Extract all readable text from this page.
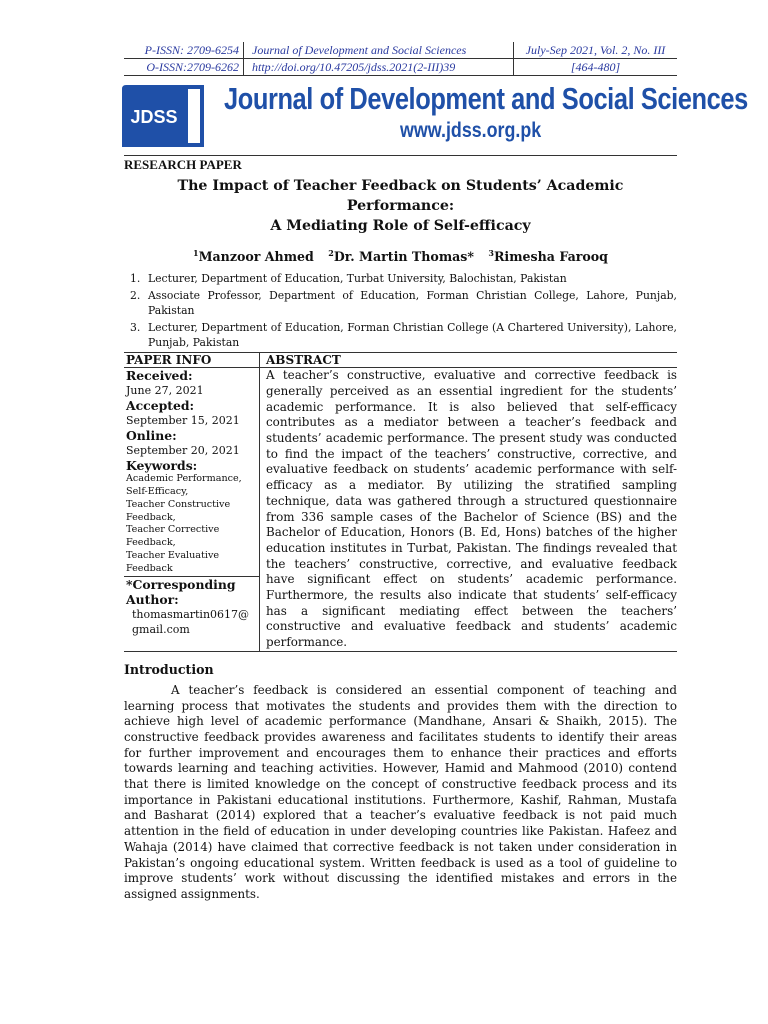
P-ISSN: 2709-6254	Journal of Development and Social Sciences	July-Sep 2021, Vol. 2, No. III
O-ISSN:2709-6262	http://doi.org/10.47205/jdss.2021(2-III)39	[464-480]
JDSS
Journal of Development and Social Sciences
www.jdss.org.pk
RESEARCH PAPER
The Impact of Teacher Feedback on Students’ Academic Performance:
A Mediating Role of Self-efficacy
$^1$Manzoor Ahmed $^2$Dr. Martin Thomas* $^3$Rimesha Farooq
1. Lecturer, Department of Education, Turbat University, Balochistan, Pakistan
2. Associate Professor, Department of Education, Forman Christian College, Lahore, Punjab, Pakistan
3. Lecturer, Department of Education, Forman Christian College (A Chartered University), Lahore, Punjab, Pakistan
PAPER INFO	ABSTRACT
Received:
June 27, 2021
Accepted:
September 15, 2021
Online:
September 20, 2021
Keywords:
Academic Performance,
Self-Efficacy,
Teacher Constructive Feedback,
Teacher Corrective Feedback,
Teacher Evaluative Feedback
*Corresponding Author:
thomasmartin0617@ gmail.com
A teacher’s constructive, evaluative and corrective feedback is generally perceived as an essential ingredient for the students’ academic performance. It is also believed that self-efficacy contributes as a mediator between a teacher’s feedback and students’ academic performance. The present study was conducted to find the impact of the teachers’ constructive, corrective, and evaluative feedback on students’ academic performance with self-efficacy as a mediator. By utilizing the stratified sampling technique, data was gathered through a structured questionnaire from 336 sample cases of the Bachelor of Science (BS) and the Bachelor of Education, Honors (B. Ed, Hons) batches of the higher education institutes in Turbat, Pakistan. The findings revealed that the teachers’ constructive, corrective, and evaluative feedback have significant effect on students’ academic performance. Furthermore, the results also indicate that students’ self-efficacy has a significant mediating effect between the teachers’ constructive and evaluative feedback and students’ academic performance.
Introduction
A teacher’s feedback is considered an essential component of teaching and learning process that motivates the students and provides them with the direction to achieve high level of academic performance (Mandhane, Ansari & Shaikh, 2015). The constructive feedback provides awareness and facilitates students to identify their areas for further improvement and encourages them to enhance their practices and efforts towards learning and teaching activities. However, Hamid and Mahmood (2010) contend that there is limited knowledge on the concept of constructive feedback process and its importance in Pakistani educational institutions. Furthermore, Kashif, Rahman, Mustafa and Basharat (2014) explored that a teacher’s evaluative feedback is not paid much attention in the field of education in under developing countries like Pakistan. Hafeez and Wahaja (2014) have claimed that corrective feedback is not taken under consideration in Pakistan’s ongoing educational system. Written feedback is used as a tool of guideline to improve students’ work without discussing the identified mistakes and errors in the assigned assignments.
